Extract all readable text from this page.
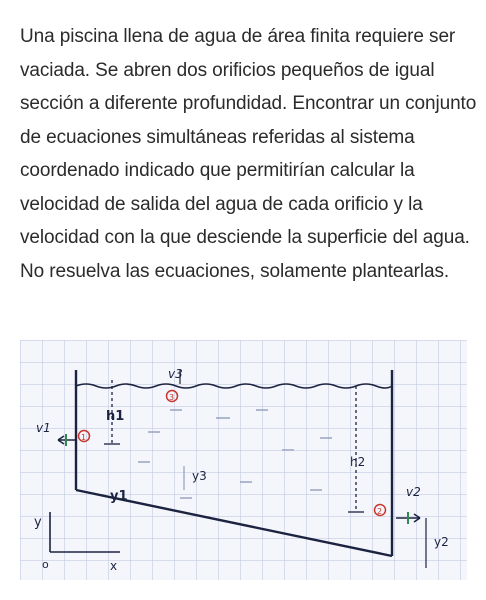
Una piscina llena de agua de área finita requiere ser vaciada. Se abren dos orificios pequeños de igual sección a diferente profundidad. Encontrar un conjunto de ecuaciones simultáneas referidas al sistema coordenado indicado que permitirían calcular la velocidad de salida del agua de cada orificio y la velocidad con la que desciende la superficie del agua. No resuelva las ecuaciones, solamente plantearlas.

h1
h2
3
v3
1
v1
y3
y1
2
v2
y2
y
o	x
